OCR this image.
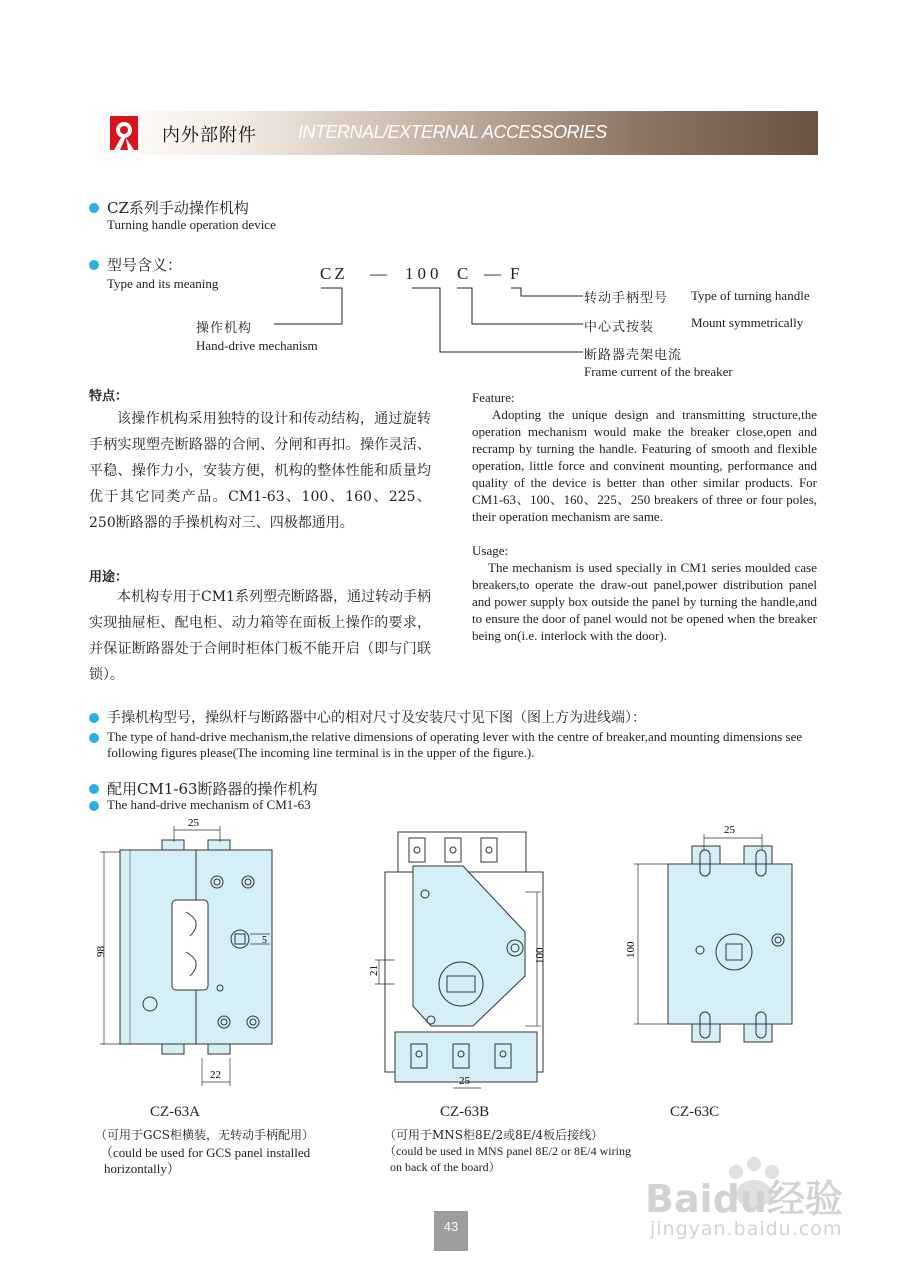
内外部附件 INTERNAL/EXTERNAL ACCESSORIES
CZ系列手动操作机构
Turning handle operation device
型号含义：
Type and its meaning
CZ — 100 C — F
转动手柄型号 Type of turning handle
中心式按装	Mount symmetrically
断路器壳架电流
Frame current of the breaker
操作机构
Hand-drive mechanism
特点：
该操作机构采用独特的设计和传动结构，通过旋转手柄实现塑壳断路器的合闸、分闸和再扣。操作灵活、平稳、操作力小，安装方便，机构的整体性能和质量均优于其它同类产品。CM1-63、100、160、225、250断路器的手操机构对三、四极都通用。
用途：
本机构专用于CM1系列塑壳断路器，通过转动手柄实现抽屉柜、配电柜、动力箱等在面板上操作的要求，并保证断路器处于合闸时柜体门板不能开启（即与门联锁）。
Feature:
Adopting the unique design and transmitting structure,the operation mechanism would make the breaker close,open and recramp by turning the handle. Featuring of smooth and flexible operation, little force and convinent mounting, performance and quality of the device is better than other similar products. For CM1-63、100、160、225、250 breakers of three or four poles, their operation mechanism are same.
Usage:
The mechanism is used specially in CM1 series moulded case breakers,to operate the draw-out panel,power distribution panel and power supply box outside the panel by turning the handle,and to ensure the door of panel would not be opened when the breaker being on(i.e. interlock with the door).
手操机构型号，操纵杆与断路器中心的相对尺寸及安装尺寸见下图（图上方为进线端）：
The type of hand-drive mechanism,the relative dimensions of operating lever with the centre of breaker,and mounting dimensions see following figures please(The incoming line terminal is in the upper of the figure.).
配用CM1-63断路器的操作机构
The hand-drive mechanism of CM1-63
25
98
5
22
CZ-63A
（可用于GCS柜横装，无转动手柄配用）
（could be used for GCS panel installed
horizontally）
100
21
25
CZ-63B
（可用于MNS柜8E/2或8E/4板后接线）
（could be used in MNS panel 8E/2 or 8E/4 wiring
on back of the board）
25
100
CZ-63C
Baidu经验
jingyan.baidu.com
43
